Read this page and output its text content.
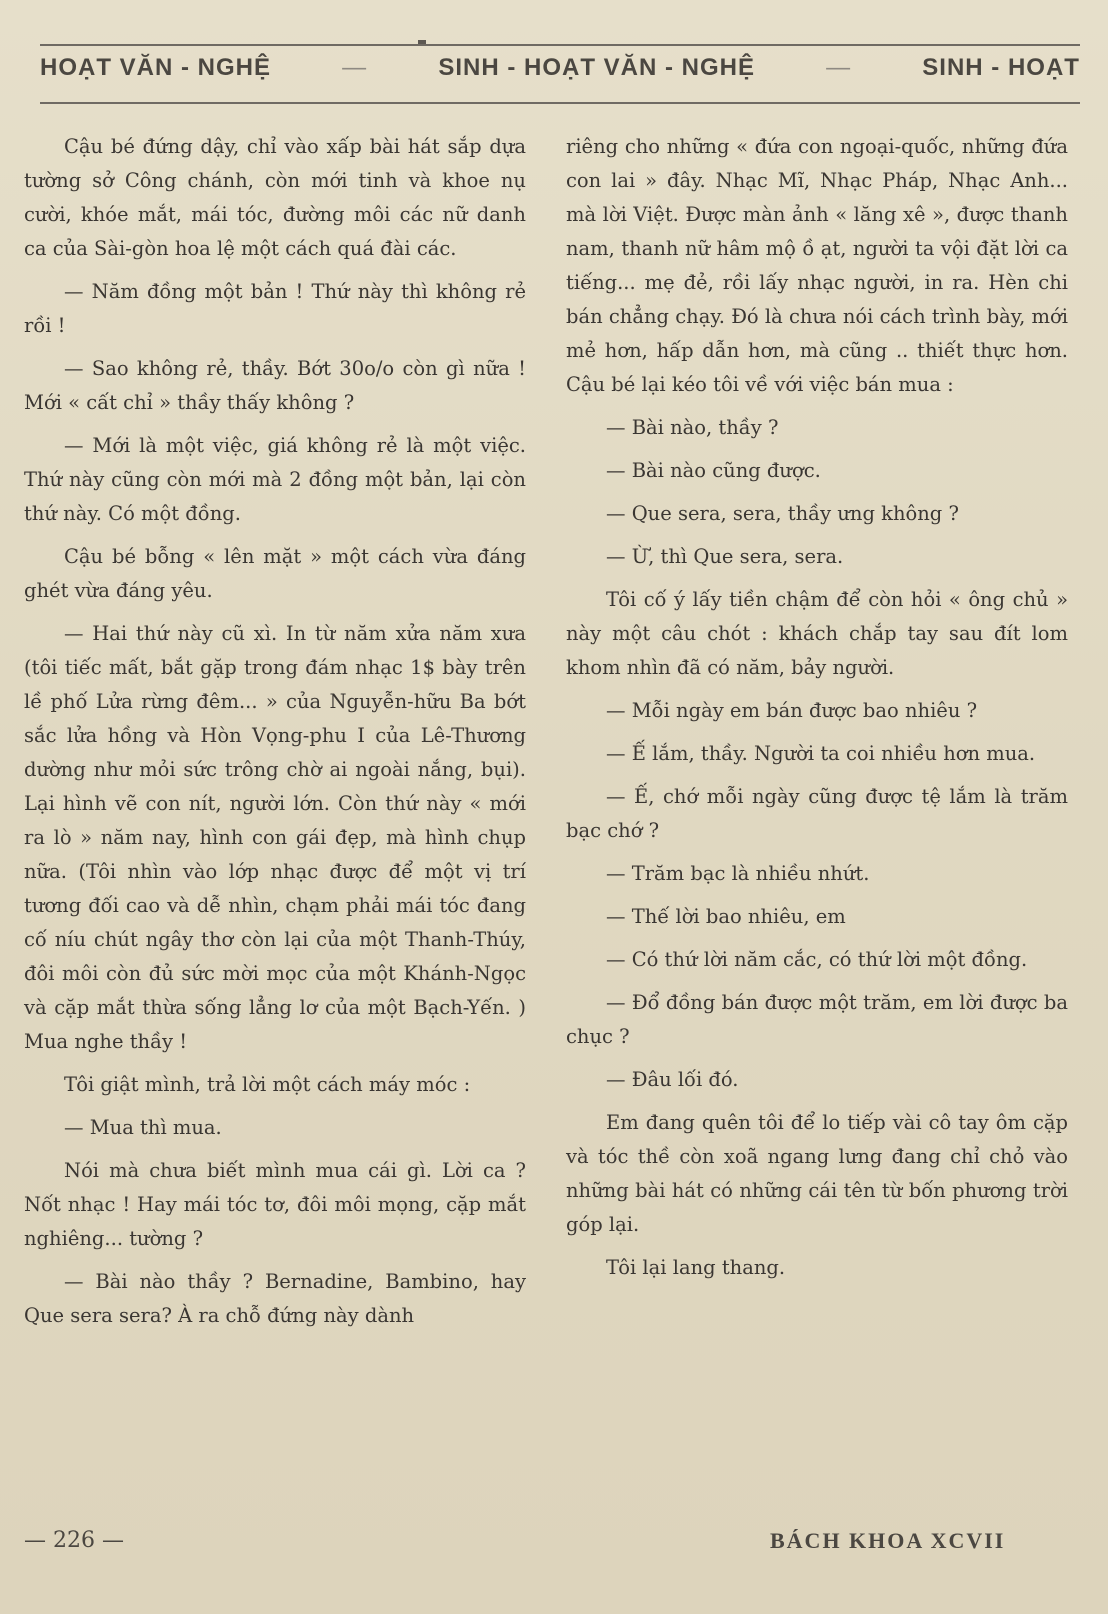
HOẠT VĂN - NGHỆ	—	SINH - HOẠT VĂN - NGHỆ	—	SINH - HOẠT

Cậu bé đứng dậy, chỉ vào xấp bài hát sắp dựa tường sở Công chánh, còn mới tinh và khoe nụ cười, khóe mắt, mái tóc, đường môi các nữ danh ca của Sài-gòn hoa lệ một cách quá đài các.

— Năm đồng một bản ! Thứ này thì không rẻ rồi !

— Sao không rẻ, thầy. Bớt 30o/o còn gì nữa ! Mới « cất chỉ » thầy thấy không ?

— Mới là một việc, giá không rẻ là một việc. Thứ này cũng còn mới mà 2 đồng một bản, lại còn thứ này. Có một đồng.

Cậu bé bỗng « lên mặt » một cách vừa đáng ghét vừa đáng yêu.

— Hai thứ này cũ xì. In từ năm xửa năm xưa (tôi tiếc mất, bắt gặp trong đám nhạc 1$ bày trên lề phố Lửa rừng đêm... » của Nguyễn-hữu Ba bớt sắc lửa hồng và Hòn Vọng-phu I của Lê-Thương dường như mỏi sức trông chờ ai ngoài nắng, bụi). Lại hình vẽ con nít, người lớn. Còn thứ này « mới ra lò » năm nay, hình con gái đẹp, mà hình chụp nữa. (Tôi nhìn vào lớp nhạc được để một vị trí tương đối cao và dễ nhìn, chạm phải mái tóc đang cố níu chút ngây thơ còn lại của một Thanh-Thúy, đôi môi còn đủ sức mời mọc của một Khánh-Ngọc và cặp mắt thừa sống lẳng lơ của một Bạch-Yến. ) Mua nghe thầy !

Tôi giật mình, trả lời một cách máy móc :

— Mua thì mua.

Nói mà chưa biết mình mua cái gì. Lời ca ? Nốt nhạc ! Hay mái tóc tơ, đôi môi mọng, cặp mắt nghiêng... tường ?

— Bài nào thầy ? Bernadine, Bambino, hay Que sera sera? À ra chỗ đứng này dành

riêng cho những « đứa con ngoại-quốc, những đứa con lai » đây. Nhạc Mĩ, Nhạc Pháp, Nhạc Anh... mà lời Việt. Được màn ảnh « lăng xê », được thanh nam, thanh nữ hâm mộ ồ ạt, người ta vội đặt lời ca tiếng... mẹ đẻ, rồi lấy nhạc người, in ra. Hèn chi bán chẳng chạy. Đó là chưa nói cách trình bày, mới mẻ hơn, hấp dẫn hơn, mà cũng .. thiết thực hơn. Cậu bé lại kéo tôi về với việc bán mua :

— Bài nào, thầy ?

— Bài nào cũng được.

— Que sera, sera, thầy ưng không ?

— Ừ, thì Que sera, sera.

Tôi cố ý lấy tiền chậm để còn hỏi « ông chủ » này một câu chót : khách chắp tay sau đít lom khom nhìn đã có năm, bảy người.

— Mỗi ngày em bán được bao nhiêu ?

— Ế lắm, thầy. Người ta coi nhiều hơn mua.

— Ế, chớ mỗi ngày cũng được tệ lắm là trăm bạc chớ ?

— Trăm bạc là nhiều nhứt.

— Thế lời bao nhiêu, em

— Có thứ lời năm cắc, có thứ lời một đồng.

— Đổ đồng bán được một trăm, em lời được ba chục ?

— Đâu lối đó.

Em đang quên tôi để lo tiếp vài cô tay ôm cặp và tóc thề còn xoã ngang lưng đang chỉ chỏ vào những bài hát có những cái tên từ bốn phương trời góp lại.

Tôi lại lang thang.

— 226 —	BÁCH KHOA XCVII
